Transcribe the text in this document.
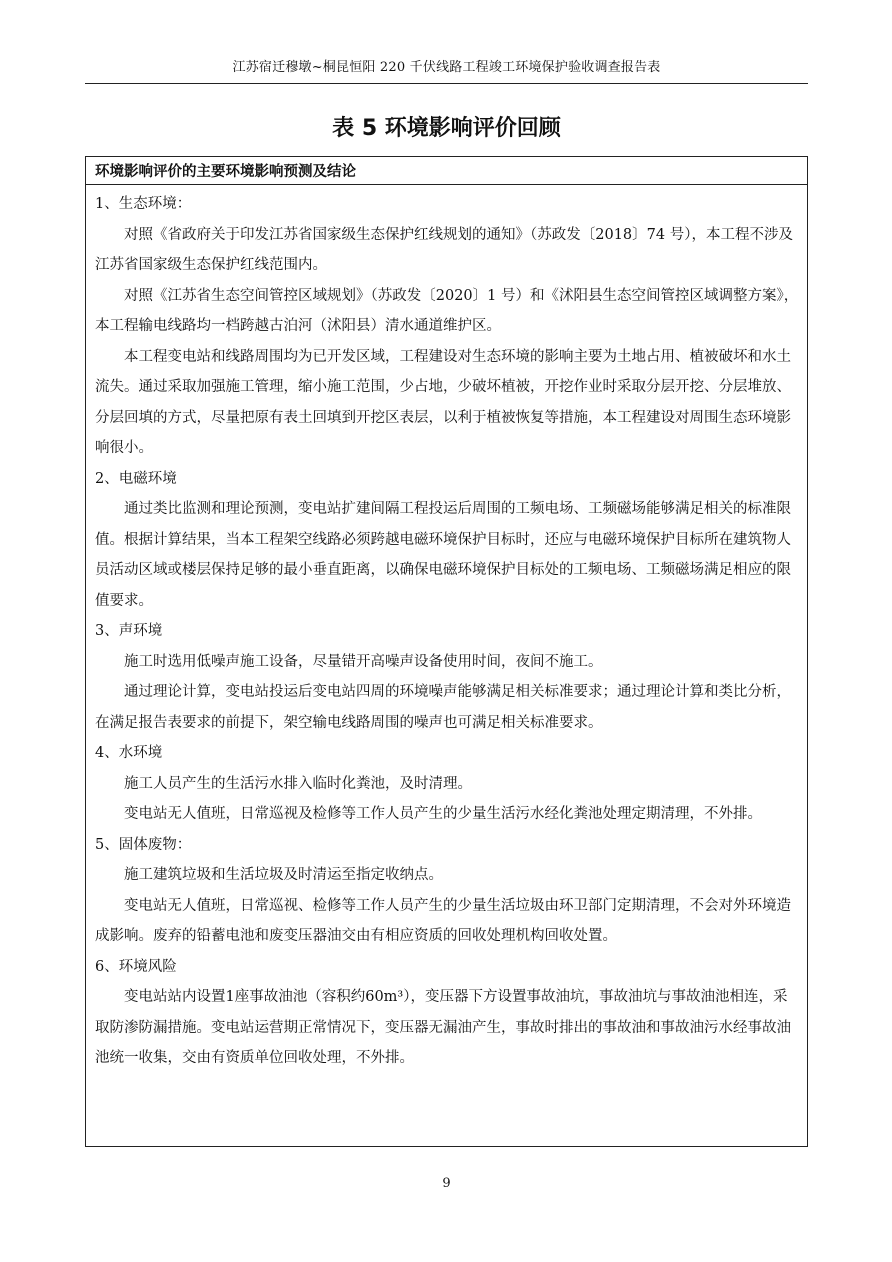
江苏宿迁穆墩~桐昆恒阳 220 千伏线路工程竣工环境保护验收调查报告表
表 5 环境影响评价回顾
环境影响评价的主要环境影响预测及结论

1、生态环境：

对照《省政府关于印发江苏省国家级生态保护红线规划的通知》（苏政发〔2018〕74 号），本工程不涉及江苏省国家级生态保护红线范围内。

对照《江苏省生态空间管控区域规划》（苏政发〔2020〕1 号）和《沭阳县生态空间管控区域调整方案》，本工程输电线路均一档跨越古泊河（沭阳县）清水通道维护区。

本工程变电站和线路周围均为已开发区域，工程建设对生态环境的影响主要为土地占用、植被破坏和水土流失。通过采取加强施工管理，缩小施工范围，少占地，少破坏植被，开挖作业时采取分层开挖、分层堆放、分层回填的方式，尽量把原有表土回填到开挖区表层，以利于植被恢复等措施，本工程建设对周围生态环境影响很小。

2、电磁环境

通过类比监测和理论预测，变电站扩建间隔工程投运后周围的工频电场、工频磁场能够满足相关的标准限值。根据计算结果，当本工程架空线路必须跨越电磁环境保护目标时，还应与电磁环境保护目标所在建筑物人员活动区域或楼层保持足够的最小垂直距离，以确保电磁环境保护目标处的工频电场、工频磁场满足相应的限值要求。

3、声环境

施工时选用低噪声施工设备，尽量错开高噪声设备使用时间，夜间不施工。

通过理论计算，变电站投运后变电站四周的环境噪声能够满足相关标准要求；通过理论计算和类比分析，在满足报告表要求的前提下，架空输电线路周围的噪声也可满足相关标准要求。

4、水环境

施工人员产生的生活污水排入临时化粪池，及时清理。

变电站无人值班，日常巡视及检修等工作人员产生的少量生活污水经化粪池处理定期清理，不外排。

5、固体废物：

施工建筑垃圾和生活垃圾及时清运至指定收纳点。

变电站无人值班，日常巡视、检修等工作人员产生的少量生活垃圾由环卫部门定期清理，不会对外环境造成影响。废弃的铅蓄电池和废变压器油交由有相应资质的回收处理机构回收处置。

6、环境风险

变电站站内设置1座事故油池（容积约60m³），变压器下方设置事故油坑，事故油坑与事故油池相连，采取防渗防漏措施。变电站运营期正常情况下，变压器无漏油产生，事故时排出的事故油和事故油污水经事故油池统一收集，交由有资质单位回收处理，不外排。

9
